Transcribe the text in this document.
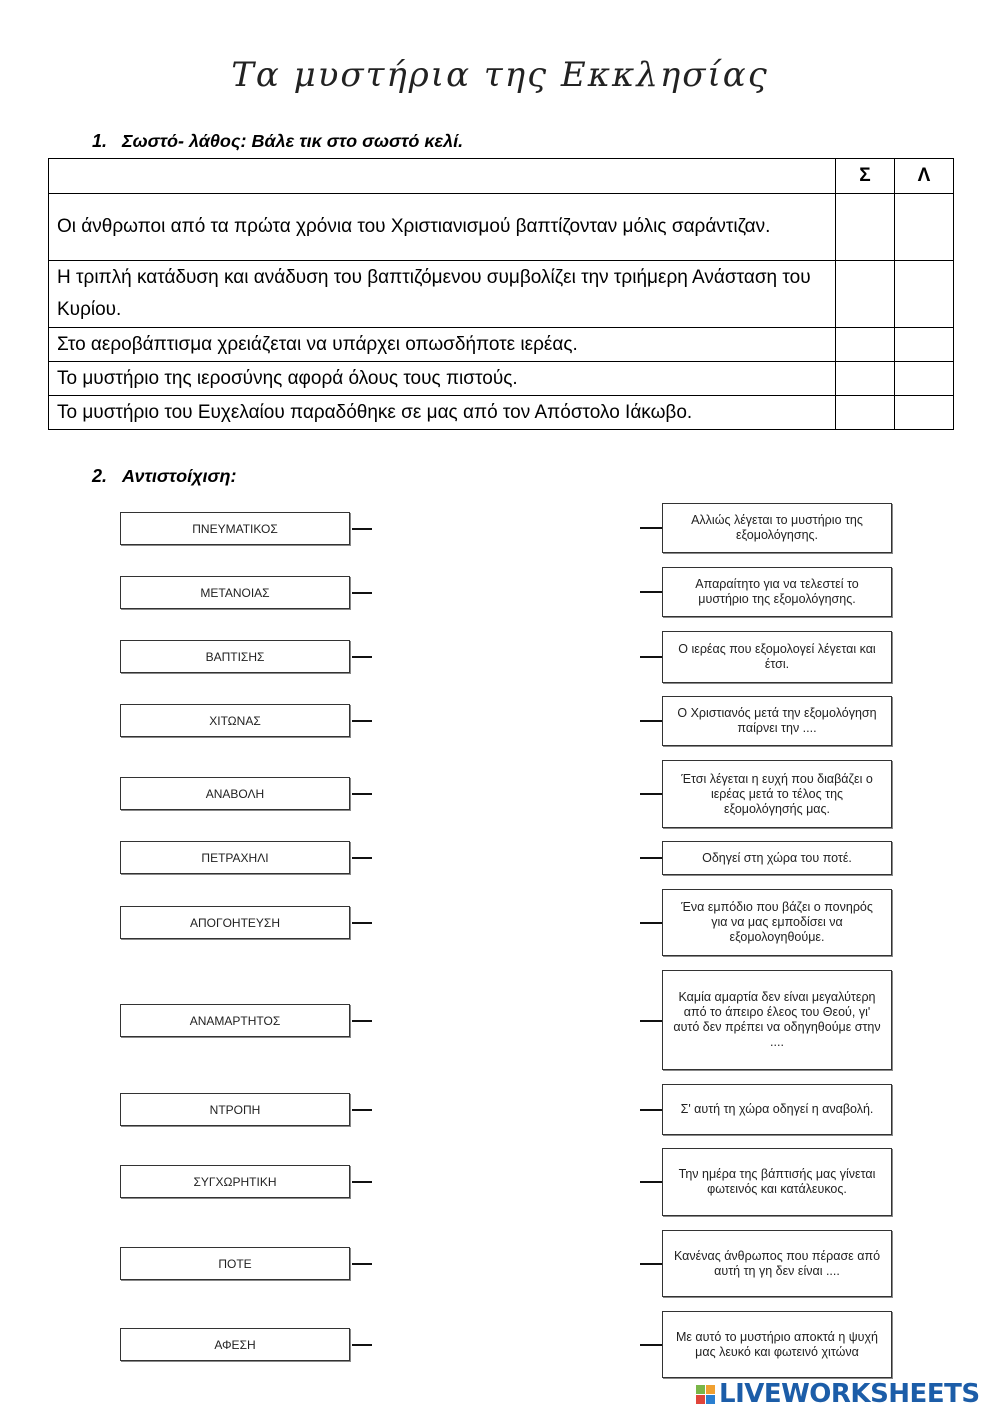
Τα μυστήρια της Εκκλησίας
1. Σωστό- λάθος: Βάλε τικ στο σωστό κελί.
	Σ	Λ
Οι άνθρωποι από τα πρώτα χρόνια του Χριστιανισμού βαπτίζονταν μόλις σαράντιζαν.		
Η τριπλή κατάδυση και ανάδυση του βαπτιζόμενου συμβολίζει την τριήμερη Ανάσταση του Κυρίου.		
Στο αεροβάπτισμα χρειάζεται να υπάρχει οπωσδήποτε ιερέας.		
Το μυστήριο της ιεροσύνης αφορά όλους τους πιστούς.		
Το μυστήριο του Ευχελαίου παραδόθηκε σε μας από τον Απόστολο Ιάκωβο.		
2. Αντιστοίχιση:
ΠΝΕΥΜΑΤΙΚΟΣ
ΜΕΤΑΝΟΙΑΣ
ΒΑΠΤΙΣΗΣ
ΧΙΤΩΝΑΣ
ΑΝΑΒΟΛΗ
ΠΕΤΡΑΧΗΛΙ
ΑΠΟΓΟΗΤΕΥΣΗ
ΑΝΑΜΑΡΤΗΤΟΣ
ΝΤΡΟΠΗ
ΣΥΓΧΩΡΗΤΙΚΗ
ΠΟΤΕ
ΑΦΕΣΗ
Αλλιώς λέγεται το μυστήριο της εξομολόγησης.
Απαραίτητο για να τελεστεί το μυστήριο της εξομολόγησης.
Ο ιερέας που εξομολογεί λέγεται και έτσι.
Ο Χριστιανός μετά την εξομολόγηση παίρνει την ....
Έτσι λέγεται η ευχή που διαβάζει ο ιερέας μετά το τέλος της εξομολόγησής μας.
Οδηγεί στη χώρα του ποτέ.
Ένα εμπόδιο που βάζει ο πονηρός για να μας εμποδίσει να εξομολογηθούμε.
Καμία αμαρτία δεν είναι μεγαλύτερη από το άπειρο έλεος του Θεού, γι' αυτό δεν πρέπει να οδηγηθούμε στην ....
Σ' αυτή τη χώρα οδηγεί η αναβολή.
Την ημέρα της βάπτισής μας γίνεται φωτεινός και κατάλευκος.
Κανένας άνθρωπος που πέρασε από αυτή τη γη δεν είναι ....
Με αυτό το μυστήριο αποκτά η ψυχή μας λευκό και φωτεινό χιτώνα
LIVEWORKSHEETS
